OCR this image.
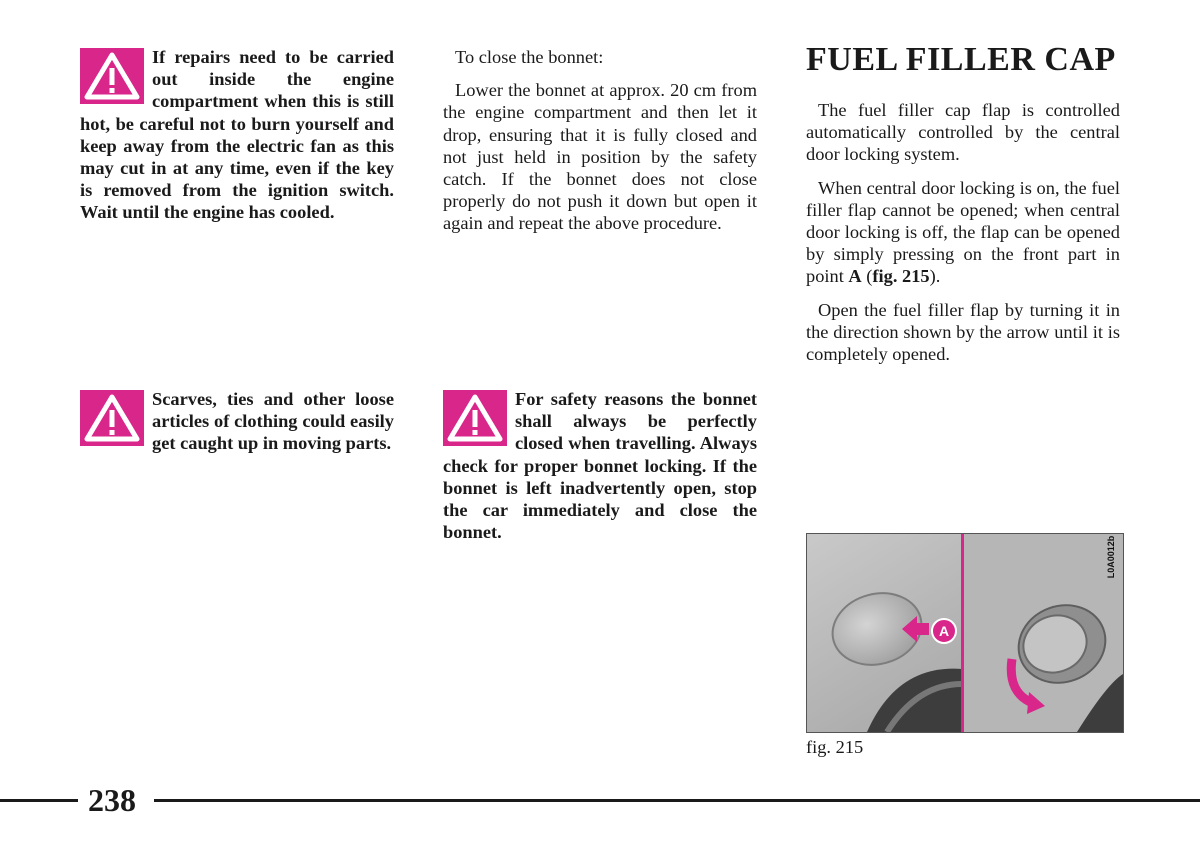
If repairs need to be carried out inside the engine compartment when this is still hot, be careful not to burn yourself and keep away from the electric fan as this may cut in at any time, even if the key is removed from the ignition switch. Wait until the engine has cooled.
Scarves, ties and other loose articles of clothing could easily get caught up in moving parts.

To close the bonnet:

Lower the bonnet at approx. 20 cm from the engine compartment and then let it drop, ensuring that it is fully closed and not just held in position by the safety catch. If the bonnet does not close properly do not push it down but open it again and repeat the above procedure.

For safety reasons the bonnet shall always be perfectly closed when travelling. Always check for proper bonnet locking. If the bonnet is left inadvertently open, stop the car immediately and close the bonnet.
FUEL FILLER CAP

The fuel filler cap flap is controlled automatically controlled by the central door locking system.

When central door locking is on, the fuel filler flap cannot be opened; when central door locking is off, the flap can be opened by simply pressing on the front part in point A (fig. 215).

Open the fuel filler flap by turning it in the direction shown by the arrow until it is completely opened.

A
L0A0012b
fig. 215
238
